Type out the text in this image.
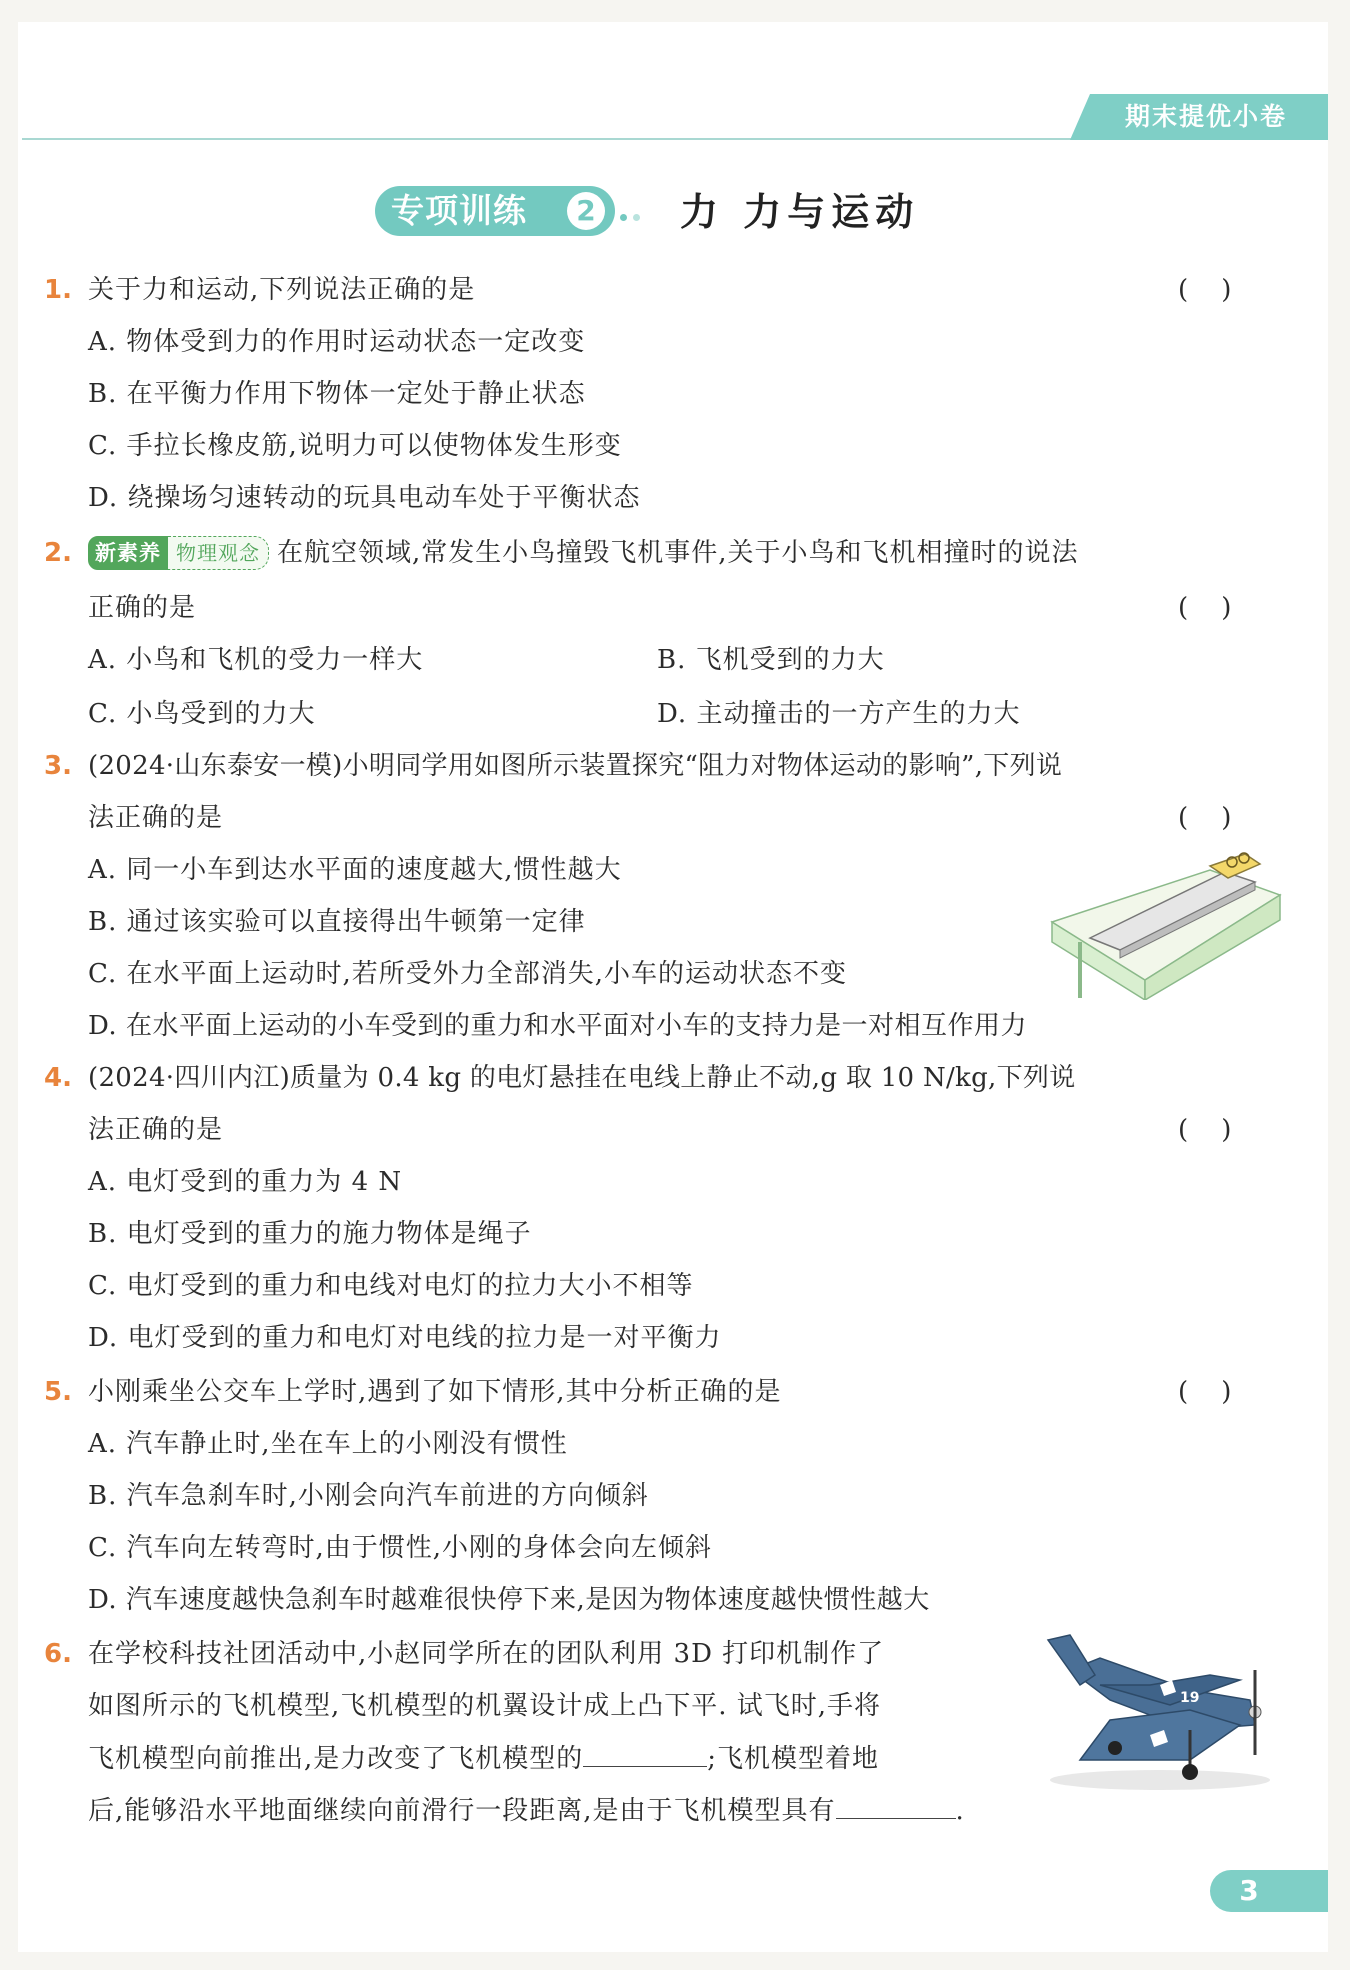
期末提优小卷
专项训练	2 力 力与运动
1. 关于力和运动,下列说法正确的是	(    )
A. 物体受到力的作用时运动状态一定改变
B. 在平衡力作用下物体一定处于静止状态
C. 手拉长橡皮筋,说明力可以使物体发生形变
D. 绕操场匀速转动的玩具电动车处于平衡状态
2.	新素养 物理观念 在航空领域,常发生小鸟撞毁飞机事件,关于小鸟和飞机相撞时的说法
正确的是	(    )
A. 小鸟和飞机的受力一样大	B. 飞机受到的力大
C. 小鸟受到的力大	D. 主动撞击的一方产生的力大
3. (2024·山东泰安一模)小明同学用如图所示装置探究“阻力对物体运动的影响”,下列说
法正确的是	(    )
A. 同一小车到达水平面的速度越大,惯性越大
B. 通过该实验可以直接得出牛顿第一定律
C. 在水平面上运动时,若所受外力全部消失,小车的运动状态不变
D. 在水平面上运动的小车受到的重力和水平面对小车的支持力是一对相互作用力
4. (2024·四川内江)质量为 0.4 kg 的电灯悬挂在电线上静止不动,g 取 10 N/kg,下列说
法正确的是	(    )
A. 电灯受到的重力为 4 N
B. 电灯受到的重力的施力物体是绳子
C. 电灯受到的重力和电线对电灯的拉力大小不相等
D. 电灯受到的重力和电灯对电线的拉力是一对平衡力
5. 小刚乘坐公交车上学时,遇到了如下情形,其中分析正确的是	(    )
A. 汽车静止时,坐在车上的小刚没有惯性
B. 汽车急刹车时,小刚会向汽车前进的方向倾斜
C. 汽车向左转弯时,由于惯性,小刚的身体会向左倾斜
D. 汽车速度越快急刹车时越难很快停下来,是因为物体速度越快惯性越大
6. 在学校科技社团活动中,小赵同学所在的团队利用 3D 打印机制作了
如图所示的飞机模型,飞机模型的机翼设计成上凸下平. 试飞时,手将
飞机模型向前推出,是力改变了飞机模型的	;飞机模型着地
后,能够沿水平地面继续向前滑行一段距离,是由于飞机模型具有	.
19
3
